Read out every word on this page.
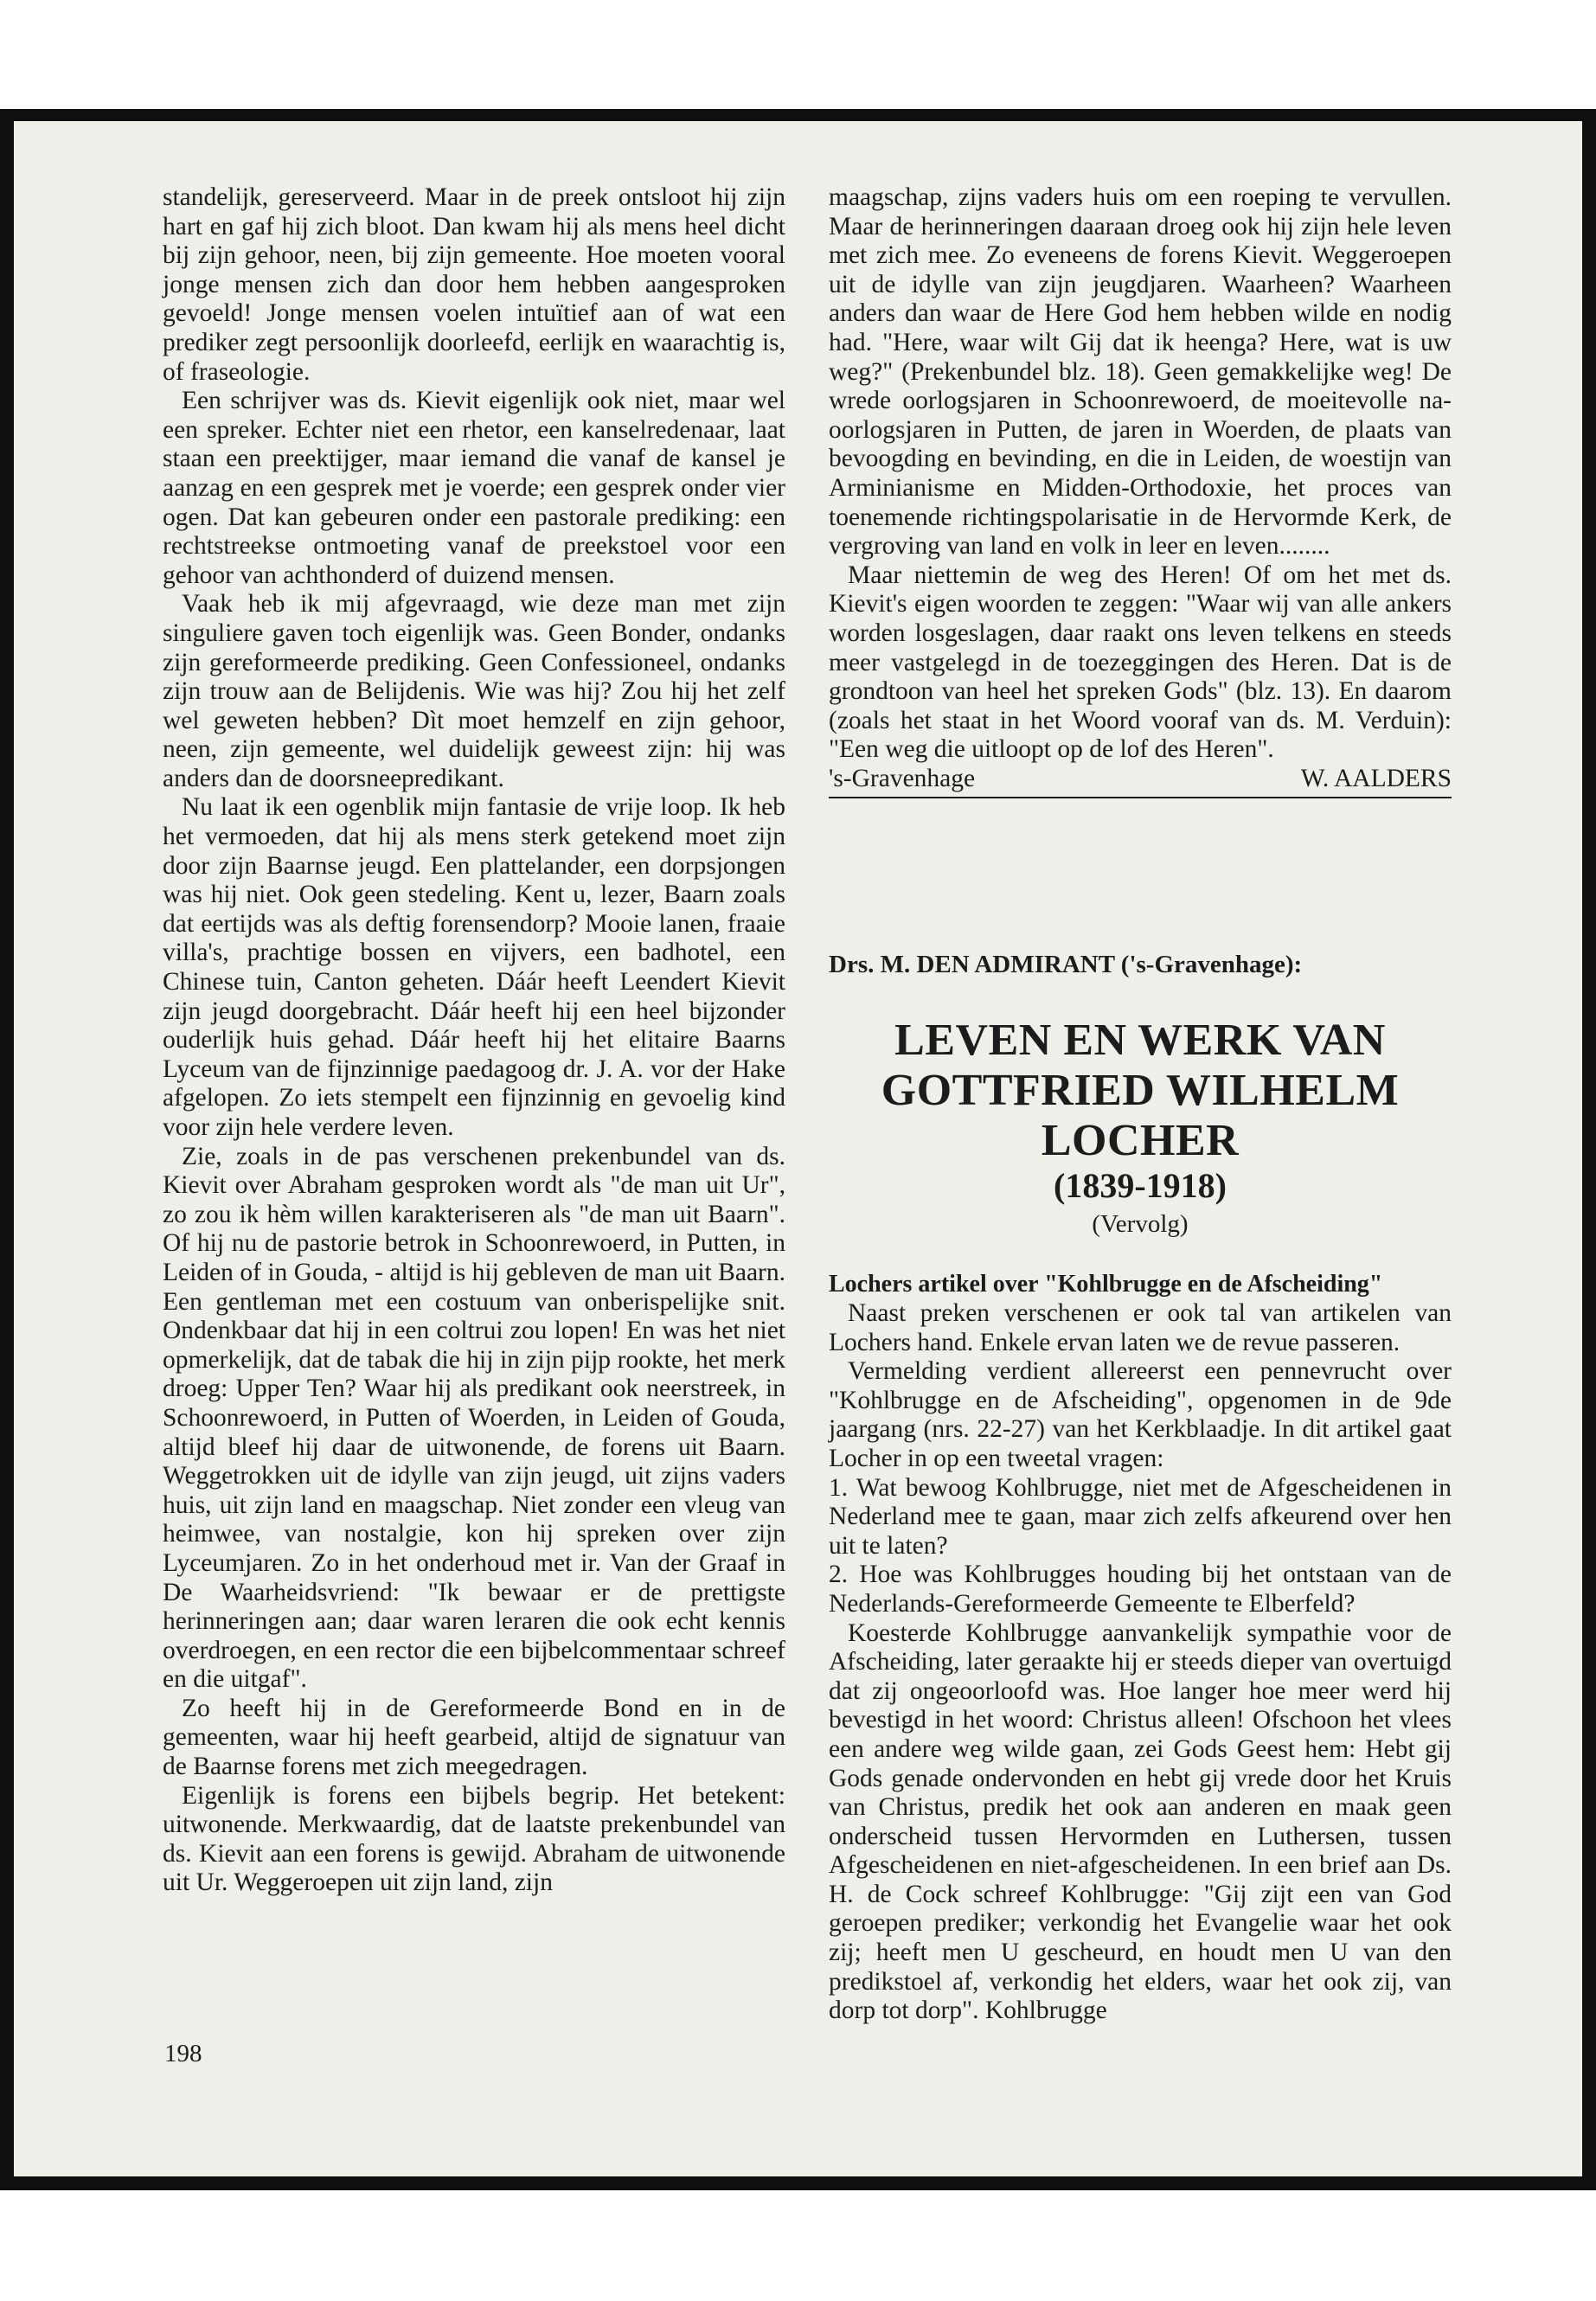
standelijk, gereserveerd. Maar in de preek ontsloot hij zijn hart en gaf hij zich bloot. Dan kwam hij als mens heel dicht bij zijn gehoor, neen, bij zijn gemeente. Hoe moeten vooral jonge mensen zich dan door hem hebben aangesproken gevoeld! Jonge mensen voelen intuïtief aan of wat een prediker zegt persoonlijk doorleefd, eerlijk en waarachtig is, of fraseologie.

Een schrijver was ds. Kievit eigenlijk ook niet, maar wel een spreker. Echter niet een rhetor, een kanselredenaar, laat staan een preektijger, maar iemand die vanaf de kansel je aanzag en een gesprek met je voerde; een gesprek onder vier ogen. Dat kan gebeuren onder een pastorale prediking: een rechtstreekse ontmoeting vanaf de preekstoel voor een gehoor van achthonderd of duizend mensen.

Vaak heb ik mij afgevraagd, wie deze man met zijn singuliere gaven toch eigenlijk was. Geen Bonder, ondanks zijn gereformeerde prediking. Geen Confessioneel, ondanks zijn trouw aan de Belijdenis. Wie was hij? Zou hij het zelf wel geweten hebben? Dìt moet hemzelf en zijn gehoor, neen, zijn gemeente, wel duidelijk geweest zijn: hij was anders dan de doorsneepredikant.

Nu laat ik een ogenblik mijn fantasie de vrije loop. Ik heb het vermoeden, dat hij als mens sterk getekend moet zijn door zijn Baarnse jeugd. Een plattelander, een dorpsjongen was hij niet. Ook geen stedeling. Kent u, lezer, Baarn zoals dat eertijds was als deftig forensendorp? Mooie lanen, fraaie villa's, prachtige bossen en vijvers, een badhotel, een Chinese tuin, Canton geheten. Dáár heeft Leendert Kievit zijn jeugd doorgebracht. Dáár heeft hij een heel bijzonder ouderlijk huis gehad. Dáár heeft hij het elitaire Baarns Lyceum van de fijnzinnige paedagoog dr. J. A. vor der Hake afgelopen. Zo iets stempelt een fijnzinnig en gevoelig kind voor zijn hele verdere leven.

Zie, zoals in de pas verschenen prekenbundel van ds. Kievit over Abraham gesproken wordt als "de man uit Ur", zo zou ik hèm willen karakteriseren als "de man uit Baarn". Of hij nu de pastorie betrok in Schoonrewoerd, in Putten, in Leiden of in Gouda, - altijd is hij gebleven de man uit Baarn. Een gentleman met een costuum van onberispelijke snit. Ondenkbaar dat hij in een coltrui zou lopen! En was het niet opmerkelijk, dat de tabak die hij in zijn pijp rookte, het merk droeg: Upper Ten? Waar hij als predikant ook neerstreek, in Schoonrewoerd, in Putten of Woerden, in Leiden of Gouda, altijd bleef hij daar de uitwonende, de forens uit Baarn. Weggetrokken uit de idylle van zijn jeugd, uit zijns vaders huis, uit zijn land en maagschap. Niet zonder een vleug van heimwee, van nostalgie, kon hij spreken over zijn Lyceumjaren. Zo in het onderhoud met ir. Van der Graaf in De Waarheidsvriend: "Ik bewaar er de prettigste herinneringen aan; daar waren leraren die ook echt kennis overdroegen, en een rector die een bijbelcommentaar schreef en die uitgaf".

Zo heeft hij in de Gereformeerde Bond en in de gemeenten, waar hij heeft gearbeid, altijd de signatuur van de Baarnse forens met zich meegedragen.

Eigenlijk is forens een bijbels begrip. Het betekent: uitwonende. Merkwaardig, dat de laatste prekenbundel van ds. Kievit aan een forens is gewijd. Abraham de uitwonende uit Ur. Weggeroepen uit zijn land, zijn

198

maagschap, zijns vaders huis om een roeping te vervullen. Maar de herinneringen daaraan droeg ook hij zijn hele leven met zich mee. Zo eveneens de forens Kievit. Weggeroepen uit de idylle van zijn jeugdjaren. Waarheen? Waarheen anders dan waar de Here God hem hebben wilde en nodig had. "Here, waar wilt Gij dat ik heenga? Here, wat is uw weg?" (Prekenbundel blz. 18). Geen gemakkelijke weg! De wrede oorlogsjaren in Schoonrewoerd, de moeitevolle na-oorlogsjaren in Putten, de jaren in Woerden, de plaats van bevoogding en bevinding, en die in Leiden, de woestijn van Arminianisme en Midden-Orthodoxie, het proces van toenemende richtingspolarisatie in de Hervormde Kerk, de vergroving van land en volk in leer en leven........

Maar niettemin de weg des Heren! Of om het met ds. Kievit's eigen woorden te zeggen: "Waar wij van alle ankers worden losgeslagen, daar raakt ons leven telkens en steeds meer vastgelegd in de toezeggingen des Heren. Dat is de grondtoon van heel het spreken Gods" (blz. 13). En daarom (zoals het staat in het Woord vooraf van ds. M. Verduin): "Een weg die uitloopt op de lof des Heren".

's-Gravenhage	W. AALDERS
Drs. M. DEN ADMIRANT ('s-Gravenhage):
LEVEN EN WERK VAN
GOTTFRIED WILHELM LOCHER
(1839-1918)
(Vervolg)
Lochers artikel over "Kohlbrugge en de Afscheiding"

Naast preken verschenen er ook tal van artikelen van Lochers hand. Enkele ervan laten we de revue passeren.

Vermelding verdient allereerst een pennevrucht over "Kohlbrugge en de Afscheiding", opgenomen in de 9de jaargang (nrs. 22-27) van het Kerkblaadje. In dit artikel gaat Locher in op een tweetal vragen:

1. Wat bewoog Kohlbrugge, niet met de Afgescheidenen in Nederland mee te gaan, maar zich zelfs afkeurend over hen uit te laten?

2. Hoe was Kohlbrugges houding bij het ontstaan van de Nederlands-Gereformeerde Gemeente te Elberfeld?

Koesterde Kohlbrugge aanvankelijk sympathie voor de Afscheiding, later geraakte hij er steeds dieper van overtuigd dat zij ongeoorloofd was. Hoe langer hoe meer werd hij bevestigd in het woord: Christus alleen! Ofschoon het vlees een andere weg wilde gaan, zei Gods Geest hem: Hebt gij Gods genade ondervonden en hebt gij vrede door het Kruis van Christus, predik het ook aan anderen en maak geen onderscheid tussen Hervormden en Luthersen, tussen Afgescheidenen en niet-afgescheidenen. In een brief aan Ds. H. de Cock schreef Kohlbrugge: "Gij zijt een van God geroepen prediker; verkondig het Evangelie waar het ook zij; heeft men U gescheurd, en houdt men U van den predikstoel af, verkondig het elders, waar het ook zij, van dorp tot dorp". Kohlbrugge
